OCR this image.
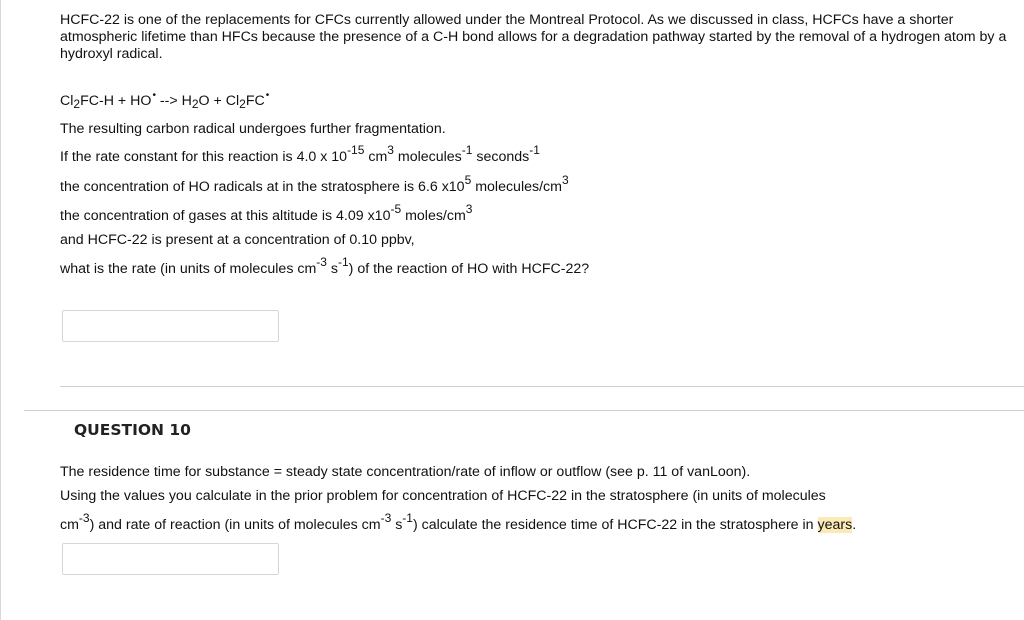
HCFC-22 is one of the replacements for CFCs currently allowed under the Montreal Protocol. As we discussed in class, HCFCs have a shorter atmospheric lifetime than HFCs because the presence of a C-H bond allows for a degradation pathway started by the removal of a hydrogen atom by a hydroxyl radical.

$Cl_2FC-H + HO^•$ --> $H_2O + Cl_2FC^•$
The resulting carbon radical undergoes further fragmentation.
If the rate constant for this reaction is 4.0 x $10^{-15}$ $cm^3$ molecules$^{-1}$ seconds$^{-1}$
the concentration of HO radicals at in the stratosphere is 6.6 $x10^5$ molecules/$cm^3$
the concentration of gases at this altitude is 4.09 $x10^{-5}$ moles/$cm^3$
and HCFC-22 is present at a concentration of 0.10 ppbv,
what is the rate (in units of molecules $cm^{-3}$ $s^{-1}$) of the reaction of HO with HCFC-22?
QUESTION 10
The residence time for substance = steady state concentration/rate of inflow or outflow (see p. 11 of vanLoon).
Using the values you calculate in the prior problem for concentration of HCFC-22 in the stratosphere (in units of molecules
$cm^{-3}$) and rate of reaction (in units of molecules $cm^{-3}$ $s^{-1}$) calculate the residence time of HCFC-22 in the stratosphere in years.
